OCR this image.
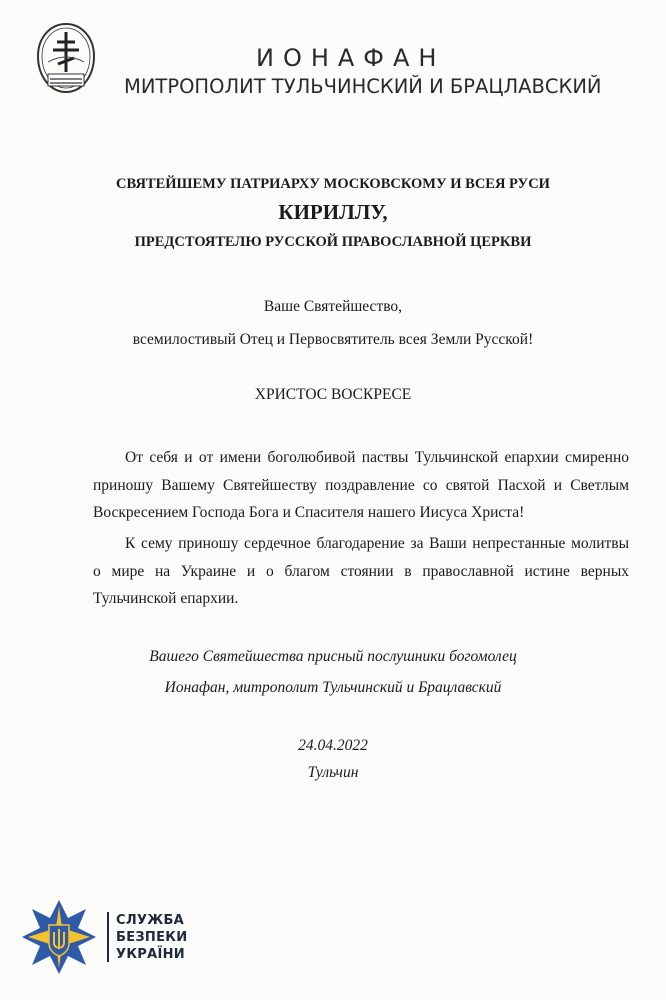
ИОНАФАН
МИТРОПОЛИТ ТУЛЬЧИНСКИЙ И БРАЦЛАВСКИЙ
СВЯТЕЙШЕМУ ПАТРИАРХУ МОСКОВСКОМУ И ВСЕЯ РУСИ
КИРИЛЛУ,
ПРЕДСТОЯТЕЛЮ РУССКОЙ ПРАВОСЛАВНОЙ ЦЕРКВИ
Ваше Святейшество,
всемилостивый Отец и Первосвятитель всея Земли Русской!
ХРИСТОС ВОСКРЕСЕ
От себя и от имени боголюбивой паствы Тульчинской епархии смиренно
приношу Вашему Святейшеству поздравление со святой Пасхой и Светлым
Воскресением Господа Бога и Спасителя нашего Иисуса Христа!
К сему приношу сердечное благодарение за Ваши непрестанные молитвы
о мире на Украине и о благом стоянии в православной истине верных
Тульчинской епархии.
Вашего Святейшества присный послушники богомолец
Ионафан, митрополит Тульчинский и Брацлавский
24.04.2022
Тульчин
СЛУЖБА
БЕЗПЕКИ
УКРАЇНИ
